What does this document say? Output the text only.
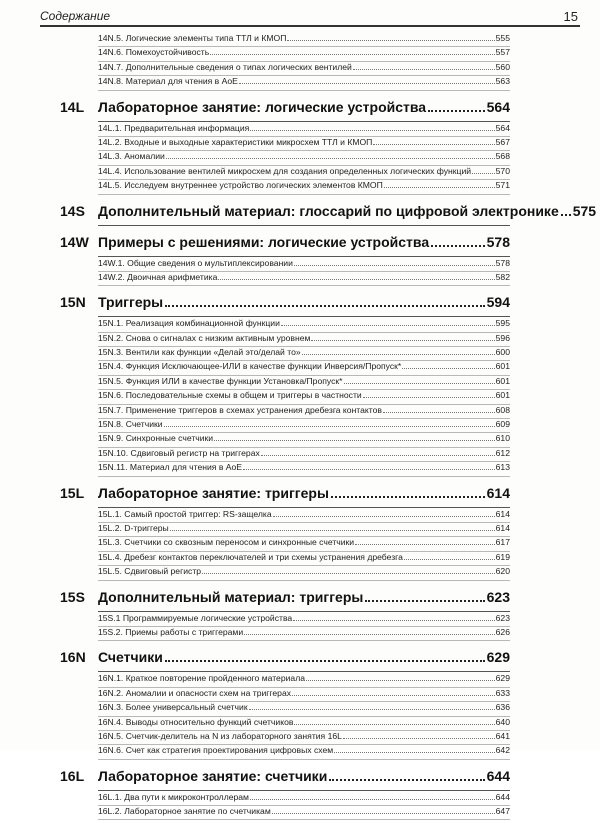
Содержание	15
14N.5. Логические элементы типа ТТЛ и КМОП	555
14N.6. Помехоустойчивость	557
14N.7. Дополнительные сведения о типах логических вентилей	560
14N.8. Материал для чтения в AoE	563
14L Лабораторное занятие: логические устройства	564
14L.1. Предварительная информация	564
14L.2. Входные и выходные характеристики микросхем ТТЛ и КМОП	567
14L.3. Аномалии	568
14L.4. Использование вентилей микросхем для создания определенных логических функций	570
14L.5. Исследуем внутреннее устройство логических элементов КМОП	571
14S Дополнительный материал: глоссарий по цифровой электронике 575
14W Примеры с решениями: логические устройства	578
14W.1. Общие сведения о мультиплексировании	578
14W.2. Двоичная арифметика	582
15N Триггеры	594
15N.1. Реализация комбинационной функции	595
15N.2. Снова о сигналах с низким активным уровнем	596
15N.3. Вентили как функции «Делай это/делай то»	600
15N.4. Функция Исключающее-ИЛИ в качестве функции Инверсия/Пропуск*	601
15N.5. Функция ИЛИ в качестве функции Установка/Пропуск*	601
15N.6. Последовательные схемы в общем и триггеры в частности	601
15N.7. Применение триггеров в схемах устранения дребезга контактов	608
15N.8. Счетчики	609
15N.9. Синхронные счетчики	610
15N.10. Сдвиговый регистр на триггерах	612
15N.11. Материал для чтения в AoE	613
15L Лабораторное занятие: триггеры	614
15L.1. Самый простой триггер: RS-защелка	614
15L.2. D-триггеры	614
15L.3. Счетчики со сквозным переносом и синхронные счетчики	617
15L.4. Дребезг контактов переключателей и три схемы устранения дребезга	619
15L.5. Сдвиговый регистр	620
15S Дополнительный материал: триггеры	623
15S.1 Программируемые логические устройства	623
15S.2. Приемы работы с триггерами	626
16N Счетчики	629
16N.1. Краткое повторение пройденного материала	629
16N.2. Аномалии и опасности схем на триггерах	633
16N.3. Более универсальный счетчик	636
16N.4. Выводы относительно функций счетчиков	640
16N.5. Счетчик-делитель на N из лабораторного занятия 16L	641
16N.6. Счет как стратегия проектирования цифровых схем	642
16L Лабораторное занятие: счетчики	644
16L.1. Два пути к микроконтроллерам	644
16L.2. Лабораторное занятие по счетчикам	647
